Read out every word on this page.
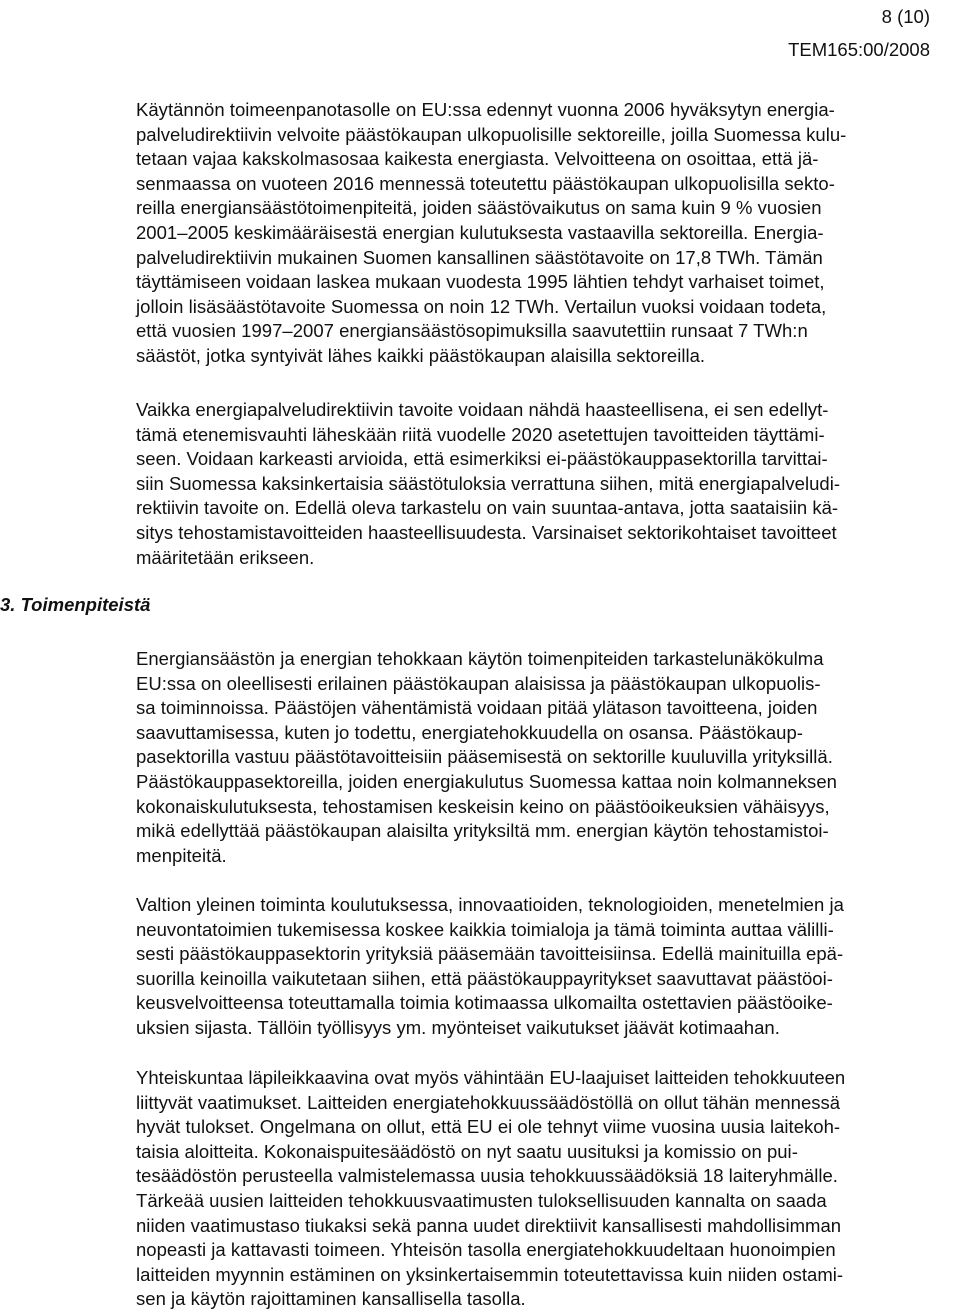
8 (10)
TEM165:00/2008
3. Toimenpiteistä

Käytännön toimeenpanotasolle on EU:ssa edennyt vuonna 2006 hyväksytyn energia-
palveludirektiivin velvoite päästökaupan ulkopuolisille sektoreille, joilla Suomessa kulu-
tetaan vajaa kakskolmasosaa kaikesta energiasta. Velvoitteena on osoittaa, että jä-
senmaassa on vuoteen 2016 mennessä toteutettu päästökaupan ulkopuolisilla sekto-
reilla energiansäästötoimenpiteitä, joiden säästövaikutus on sama kuin 9 % vuosien
2001–2005 keskimääräisestä energian kulutuksesta vastaavilla sektoreilla. Energia-
palveludirektiivin mukainen Suomen kansallinen säästötavoite on 17,8 TWh. Tämän
täyttämiseen voidaan laskea mukaan vuodesta 1995 lähtien tehdyt varhaiset toimet,
jolloin lisäsäästötavoite Suomessa on noin 12 TWh. Vertailun vuoksi voidaan todeta,
että vuosien 1997–2007 energiansäästösopimuksilla saavutettiin runsaat 7 TWh:n
säästöt, jotka syntyivät lähes kaikki päästökaupan alaisilla sektoreilla.

Vaikka energiapalveludirektiivin tavoite voidaan nähdä haasteellisena, ei sen edellyt-
tämä etenemisvauhti läheskään riitä vuodelle 2020 asetettujen tavoitteiden täyttämi-
seen. Voidaan karkeasti arvioida, että esimerkiksi ei-päästökauppasektorilla tarvittai-
siin Suomessa kaksinkertaisia säästötuloksia verrattuna siihen, mitä energiapalveludi-
rektiivin tavoite on. Edellä oleva tarkastelu on vain suuntaa-antava, jotta saataisiin kä-
sitys tehostamistavoitteiden haasteellisuudesta. Varsinaiset sektorikohtaiset tavoitteet
määritetään erikseen.

Energiansäästön ja energian tehokkaan käytön toimenpiteiden tarkastelunäkökulma
EU:ssa on oleellisesti erilainen päästökaupan alaisissa ja päästökaupan ulkopuolis-
sa toiminnoissa. Päästöjen vähentämistä voidaan pitää ylätason tavoitteena, joiden
saavuttamisessa, kuten jo todettu, energiatehokkuudella on osansa. Päästökaup-
pasektorilla vastuu päästötavoitteisiin pääsemisestä on sektorille kuuluvilla yrityksillä.
Päästökauppasektoreilla, joiden energiakulutus Suomessa kattaa noin kolmanneksen
kokonaiskulutuksesta, tehostamisen keskeisin keino on päästöoikeuksien vähäisyys,
mikä edellyttää päästökaupan alaisilta yrityksiltä mm. energian käytön tehostamistoi-
menpiteitä.

Valtion yleinen toiminta koulutuksessa, innovaatioiden, teknologioiden, menetelmien ja
neuvontatoimien tukemisessa koskee kaikkia toimialoja ja tämä toiminta auttaa välilli-
sesti päästökauppasektorin yrityksiä pääsemään tavoitteisiinsa. Edellä mainituilla epä-
suorilla keinoilla vaikutetaan siihen, että päästökauppayritykset saavuttavat päästöoi-
keusvelvoitteensa toteuttamalla toimia kotimaassa ulkomailta ostettavien päästöoike-
uksien sijasta. Tällöin työllisyys ym. myönteiset vaikutukset jäävät kotimaahan.

Yhteiskuntaa läpileikkaavina ovat myös vähintään EU-laajuiset laitteiden tehokkuuteen
liittyvät vaatimukset. Laitteiden energiatehokkuussäädöstöllä on ollut tähän mennessä
hyvät tulokset. Ongelmana on ollut, että EU ei ole tehnyt viime vuosina uusia laitekoh-
taisia aloitteita. Kokonaispuitesäädöstö on nyt saatu uusituksi ja komissio on pui-
tesäädöstön perusteella valmistelemassa uusia tehokkuussäädöksiä 18 laiteryhmälle.
Tärkeää uusien laitteiden tehokkuusvaatimusten tuloksellisuuden kannalta on saada
niiden vaatimustaso tiukaksi sekä panna uudet direktiivit kansallisesti mahdollisimman
nopeasti ja kattavasti toimeen. Yhteisön tasolla energiatehokkuudeltaan huonoimpien
laitteiden myynnin estäminen on yksinkertaisemmin toteutettavissa kuin niiden ostami-
sen ja käytön rajoittaminen kansallisella tasolla.
